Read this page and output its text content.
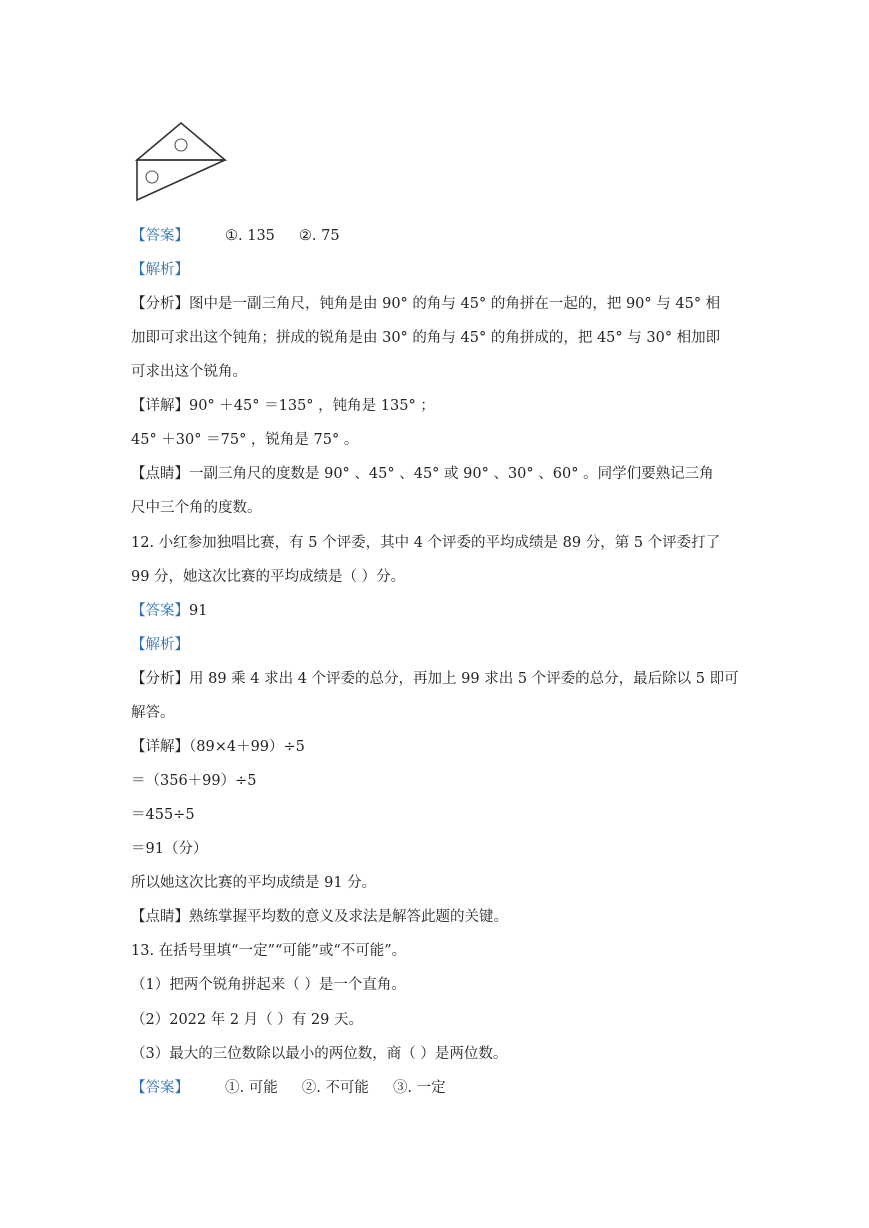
【答案】 ①. 135 ②. 75
【解析】
【分析】图中是一副三角尺，钝角是由 90° 的角与 45° 的角拼在一起的，把 90° 与 45° 相
加即可求出这个钝角；拼成的锐角是由 30° 的角与 45° 的角拼成的，把 45° 与 30° 相加即
可求出这个锐角。
【详解】90° ＋45° ＝135° ，钝角是 135° ；
45° ＋30° ＝75° ，锐角是 75° 。
【点睛】一副三角尺的度数是 90° 、45° 、45° 或 90° 、30° 、60° 。同学们要熟记三角
尺中三个角的度数。
12. 小红参加独唱比赛，有 5 个评委，其中 4 个评委的平均成绩是 89 分，第 5 个评委打了
99 分，她这次比赛的平均成绩是（ ）分。
【答案】91
【解析】
【分析】用 89 乘 4 求出 4 个评委的总分，再加上 99 求出 5 个评委的总分，最后除以 5 即可
解答。
【详解】（89×4＋99）÷5
＝（356＋99）÷5
＝455÷5
＝91（分）
所以她这次比赛的平均成绩是 91 分。
【点睛】熟练掌握平均数的意义及求法是解答此题的关键。
13. 在括号里填“一定”“可能”或“不可能”。
（1）把两个锐角拼起来（ ）是一个直角。
（2）2022 年 2 月（ ）有 29 天。
（3）最大的三位数除以最小的两位数，商（ ）是两位数。
【答案】 ①. 可能 ②. 不可能 ③. 一定
